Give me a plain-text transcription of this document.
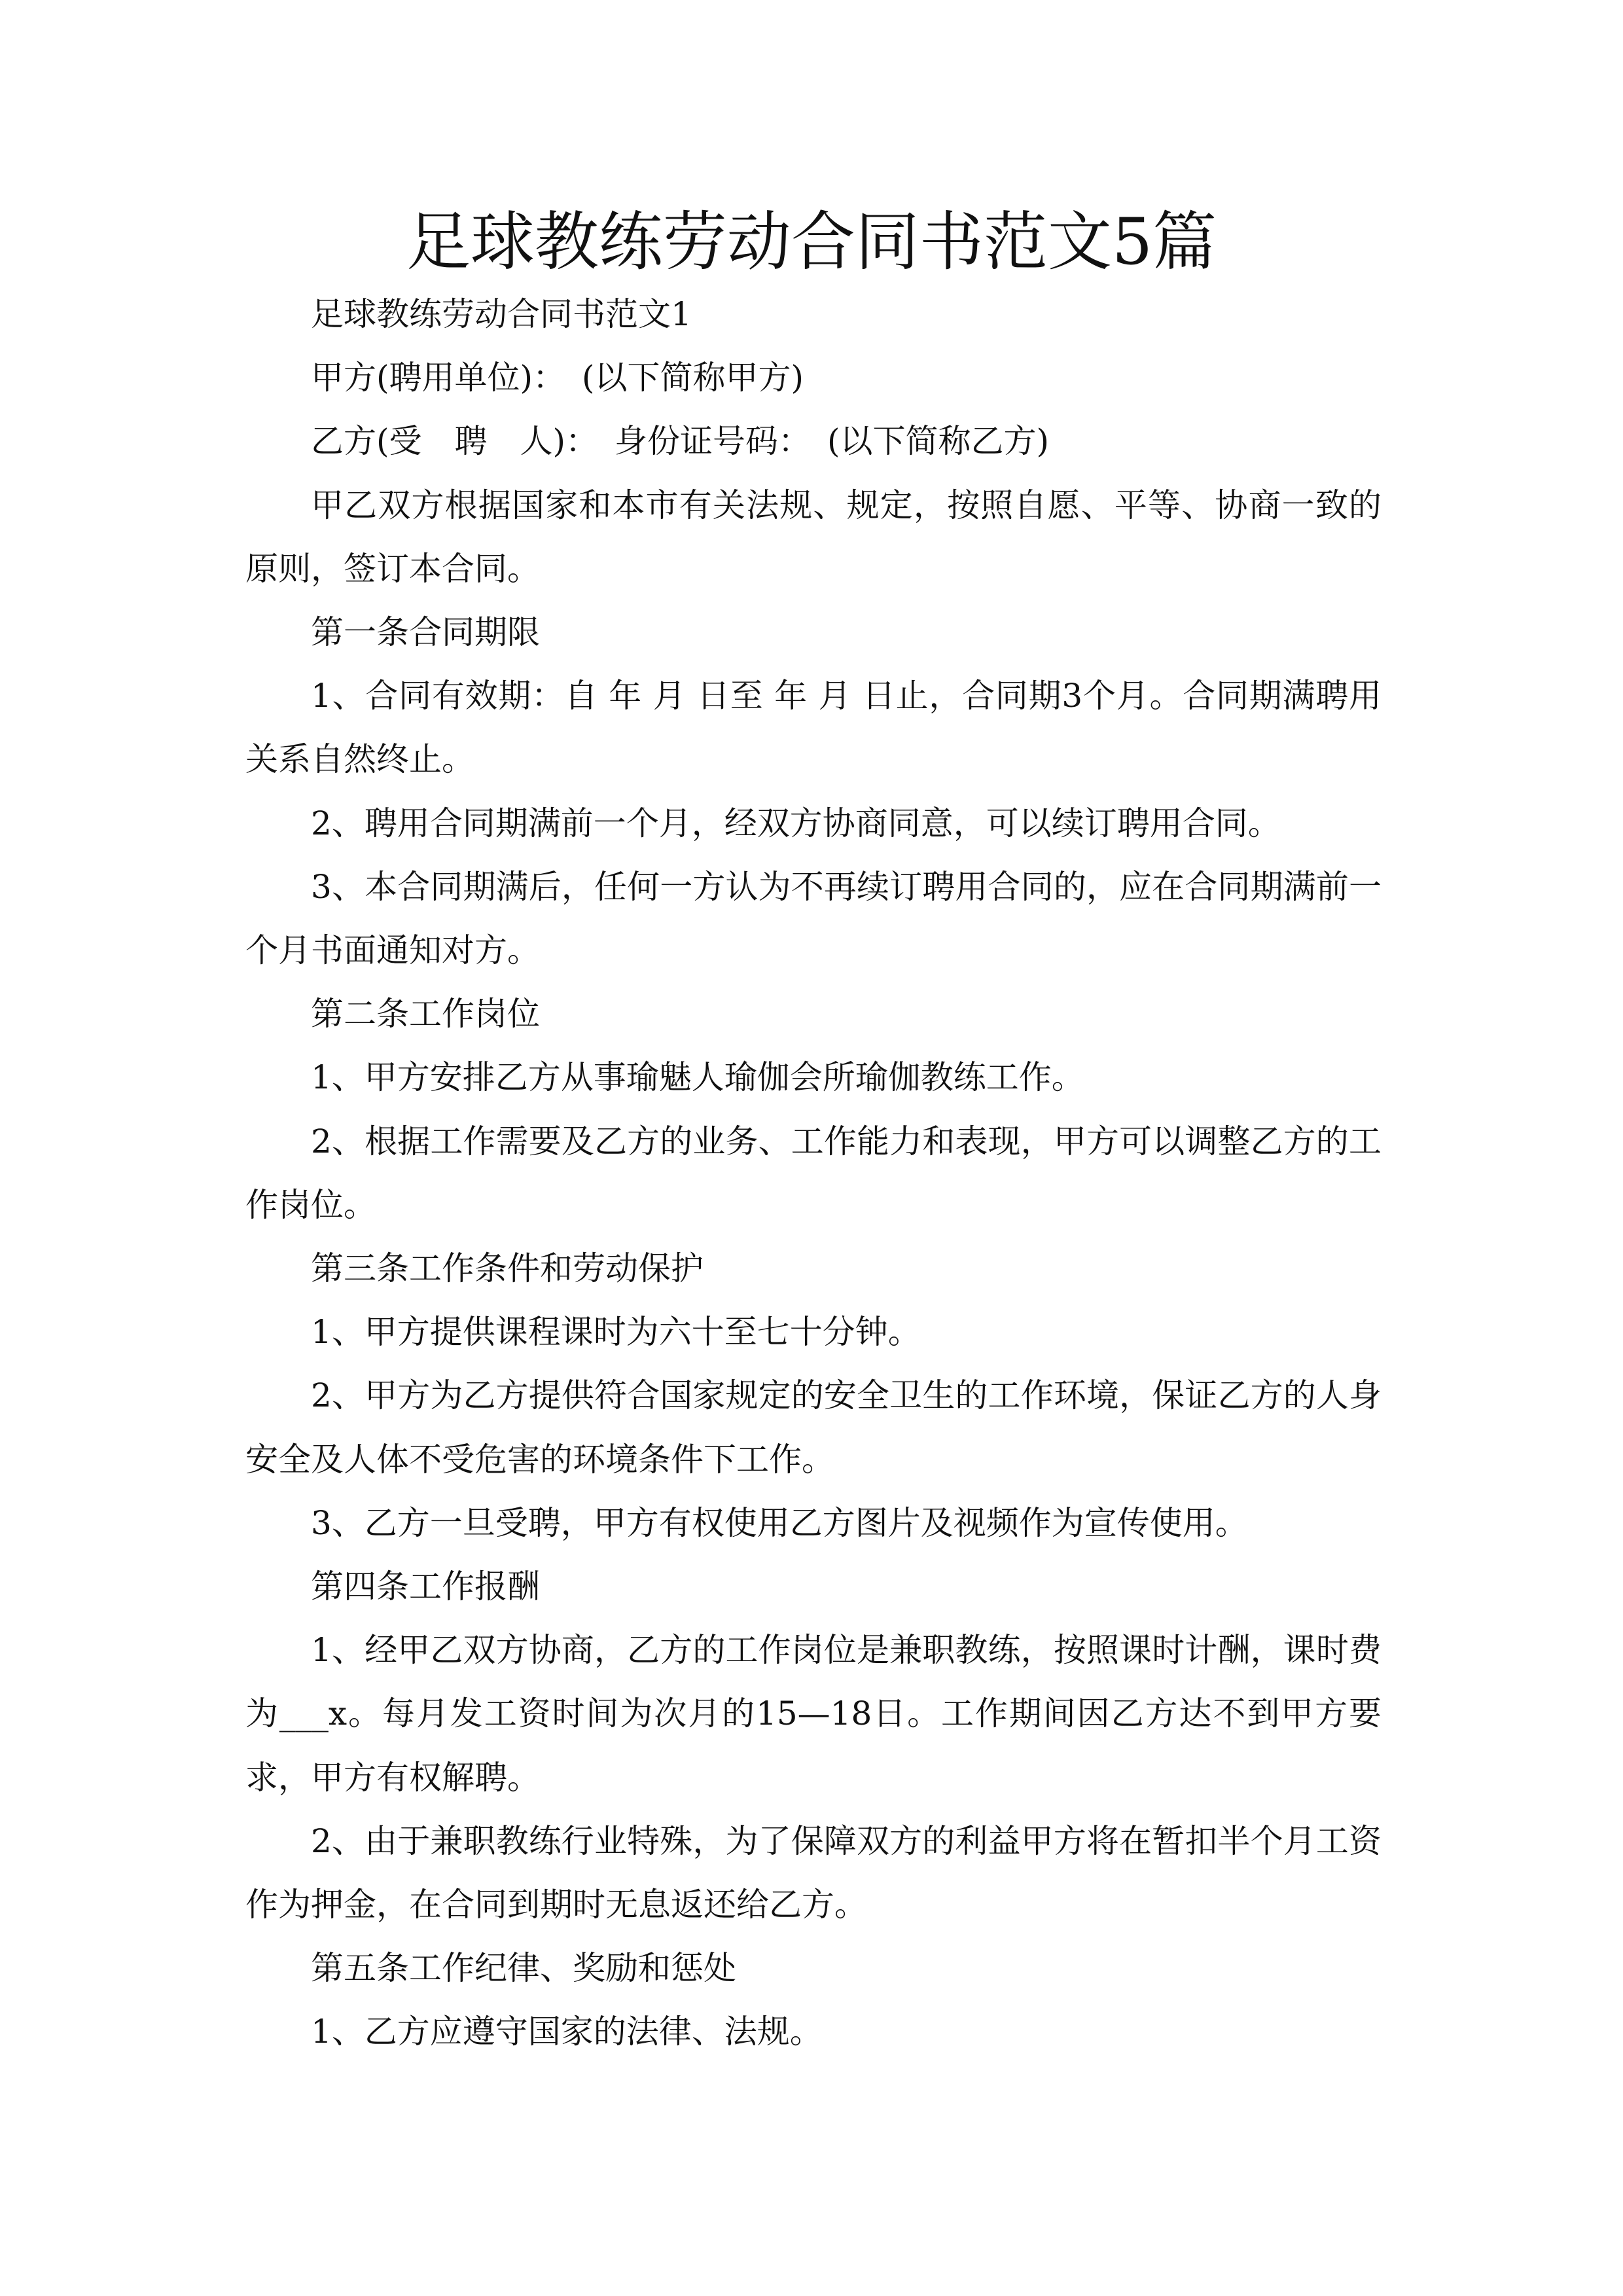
足球教练劳动合同书范文5篇

足球教练劳动合同书范文1

甲方(聘用单位)：　(以下简称甲方)

乙方(受　聘　人)：　身份证号码：　(以下简称乙方)

甲乙双方根据国家和本市有关法规、规定，按照自愿、平等、协商一致的原则，签订本合同。

第一条合同期限

1、合同有效期：自 年 月 日至 年 月 日止，合同期3个月。合同期满聘用关系自然终止。

2、聘用合同期满前一个月，经双方协商同意，可以续订聘用合同。

3、本合同期满后，任何一方认为不再续订聘用合同的，应在合同期满前一个月书面通知对方。

第二条工作岗位

1、甲方安排乙方从事瑜魅人瑜伽会所瑜伽教练工作。

2、根据工作需要及乙方的业务、工作能力和表现，甲方可以调整乙方的工作岗位。

第三条工作条件和劳动保护

1、甲方提供课程课时为六十至七十分钟。

2、甲方为乙方提供符合国家规定的安全卫生的工作环境，保证乙方的人身安全及人体不受危害的环境条件下工作。

3、乙方一旦受聘，甲方有权使用乙方图片及视频作为宣传使用。

第四条工作报酬

1、经甲乙双方协商，乙方的工作岗位是兼职教练，按照课时计酬，课时费为___x。每月发工资时间为次月的15—18日。工作期间因乙方达不到甲方要求，甲方有权解聘。

2、由于兼职教练行业特殊，为了保障双方的利益甲方将在暂扣半个月工资作为押金，在合同到期时无息返还给乙方。

第五条工作纪律、奖励和惩处

1、乙方应遵守国家的法律、法规。
